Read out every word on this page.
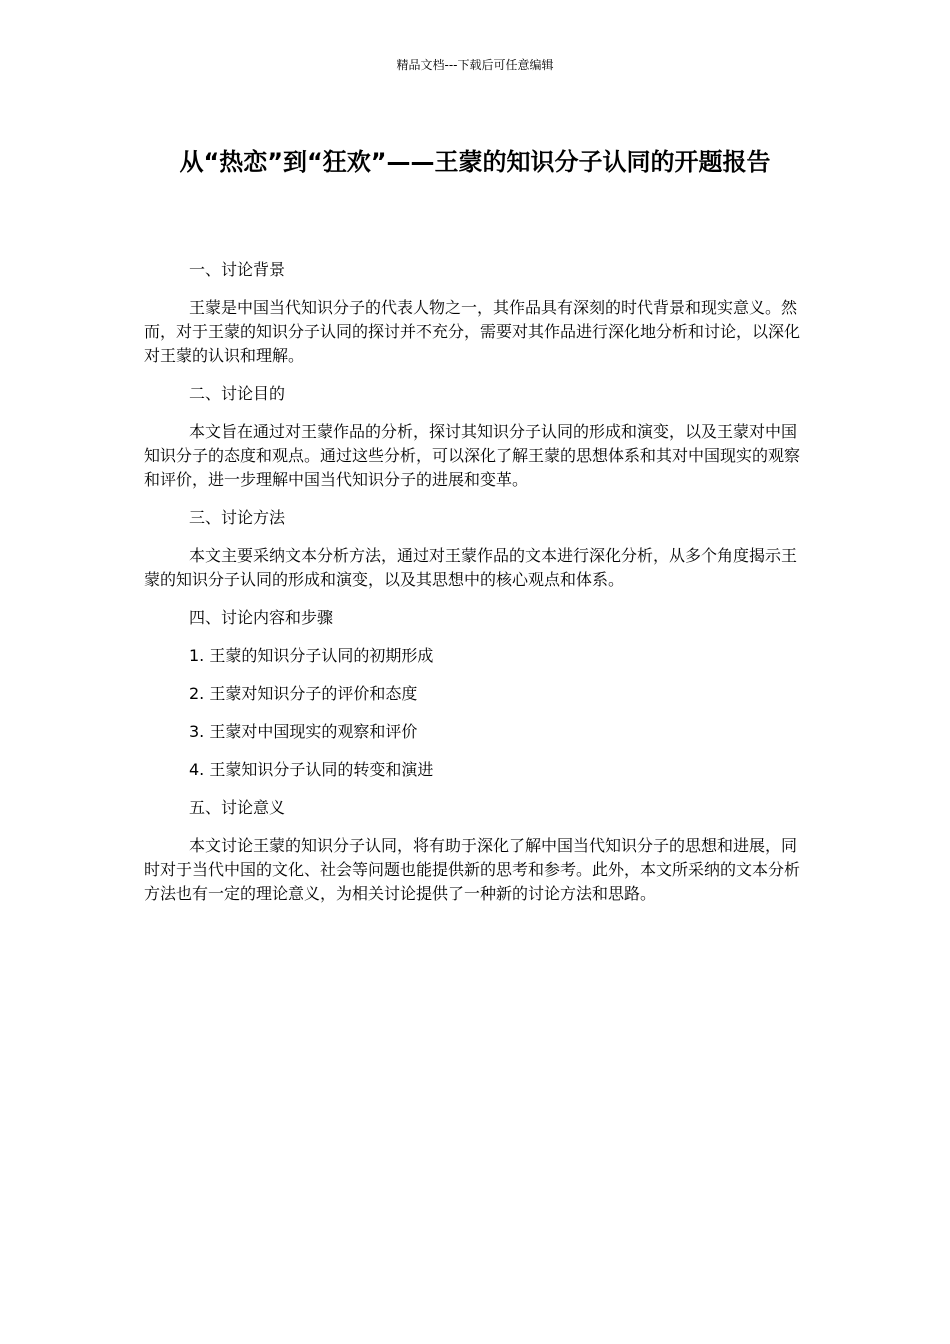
精品文档---下载后可任意编辑
从“热恋”到“狂欢”——王蒙的知识分子认同的开题报告

一、讨论背景

王蒙是中国当代知识分子的代表人物之一，其作品具有深刻的时代背景和现实意义。然而，对于王蒙的知识分子认同的探讨并不充分，需要对其作品进行深化地分析和讨论，以深化对王蒙的认识和理解。

二、讨论目的

本文旨在通过对王蒙作品的分析，探讨其知识分子认同的形成和演变，以及王蒙对中国知识分子的态度和观点。通过这些分析，可以深化了解王蒙的思想体系和其对中国现实的观察和评价，进一步理解中国当代知识分子的进展和变革。

三、讨论方法

本文主要采纳文本分析方法，通过对王蒙作品的文本进行深化分析，从多个角度揭示王蒙的知识分子认同的形成和演变，以及其思想中的核心观点和体系。

四、讨论内容和步骤

1. 王蒙的知识分子认同的初期形成

2. 王蒙对知识分子的评价和态度

3. 王蒙对中国现实的观察和评价

4. 王蒙知识分子认同的转变和演进

五、讨论意义

本文讨论王蒙的知识分子认同，将有助于深化了解中国当代知识分子的思想和进展，同时对于当代中国的文化、社会等问题也能提供新的思考和参考。此外，本文所采纳的文本分析方法也有一定的理论意义，为相关讨论提供了一种新的讨论方法和思路。
